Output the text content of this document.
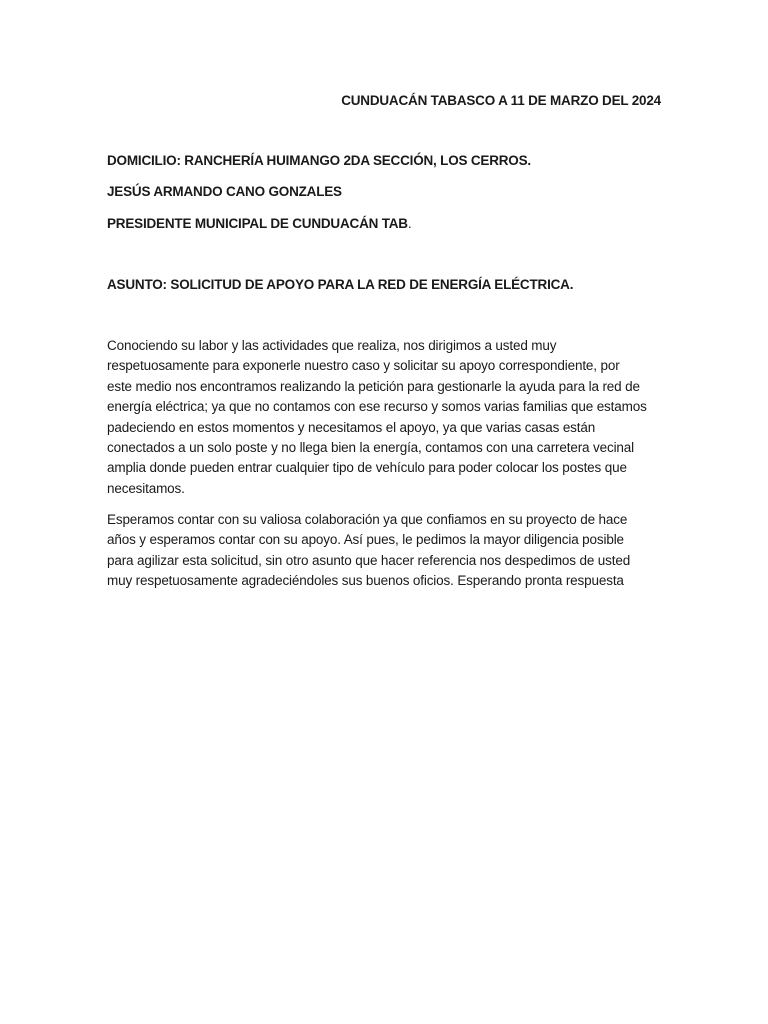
CUNDUACÁN TABASCO A 11 DE MARZO DEL 2024
DOMICILIO: RANCHERÍA HUIMANGO 2DA SECCIÓN, LOS CERROS.
JESÚS ARMANDO CANO GONZALES
PRESIDENTE MUNICIPAL DE CUNDUACÁN TAB.
ASUNTO: SOLICITUD DE APOYO PARA LA RED DE ENERGÍA ELÉCTRICA.

Conociendo su labor y las actividades que realiza, nos dirigimos a usted muy
respetuosamente para exponerle nuestro caso y solicitar su apoyo correspondiente, por
este medio nos encontramos realizando la petición para gestionarle la ayuda para la red de
energía eléctrica; ya que no contamos con ese recurso y somos varias familias que estamos
padeciendo en estos momentos y necesitamos el apoyo, ya que varias casas están
conectados a un solo poste y no llega bien la energía, contamos con una carretera vecinal
amplia donde pueden entrar cualquier tipo de vehículo para poder colocar los postes que
necesitamos.

Esperamos contar con su valiosa colaboración ya que confiamos en su proyecto de hace
años y esperamos contar con su apoyo. Así pues, le pedimos la mayor diligencia posible
para agilizar esta solicitud, sin otro asunto que hacer referencia nos despedimos de usted
muy respetuosamente agradeciéndoles sus buenos oficios. Esperando pronta respuesta
